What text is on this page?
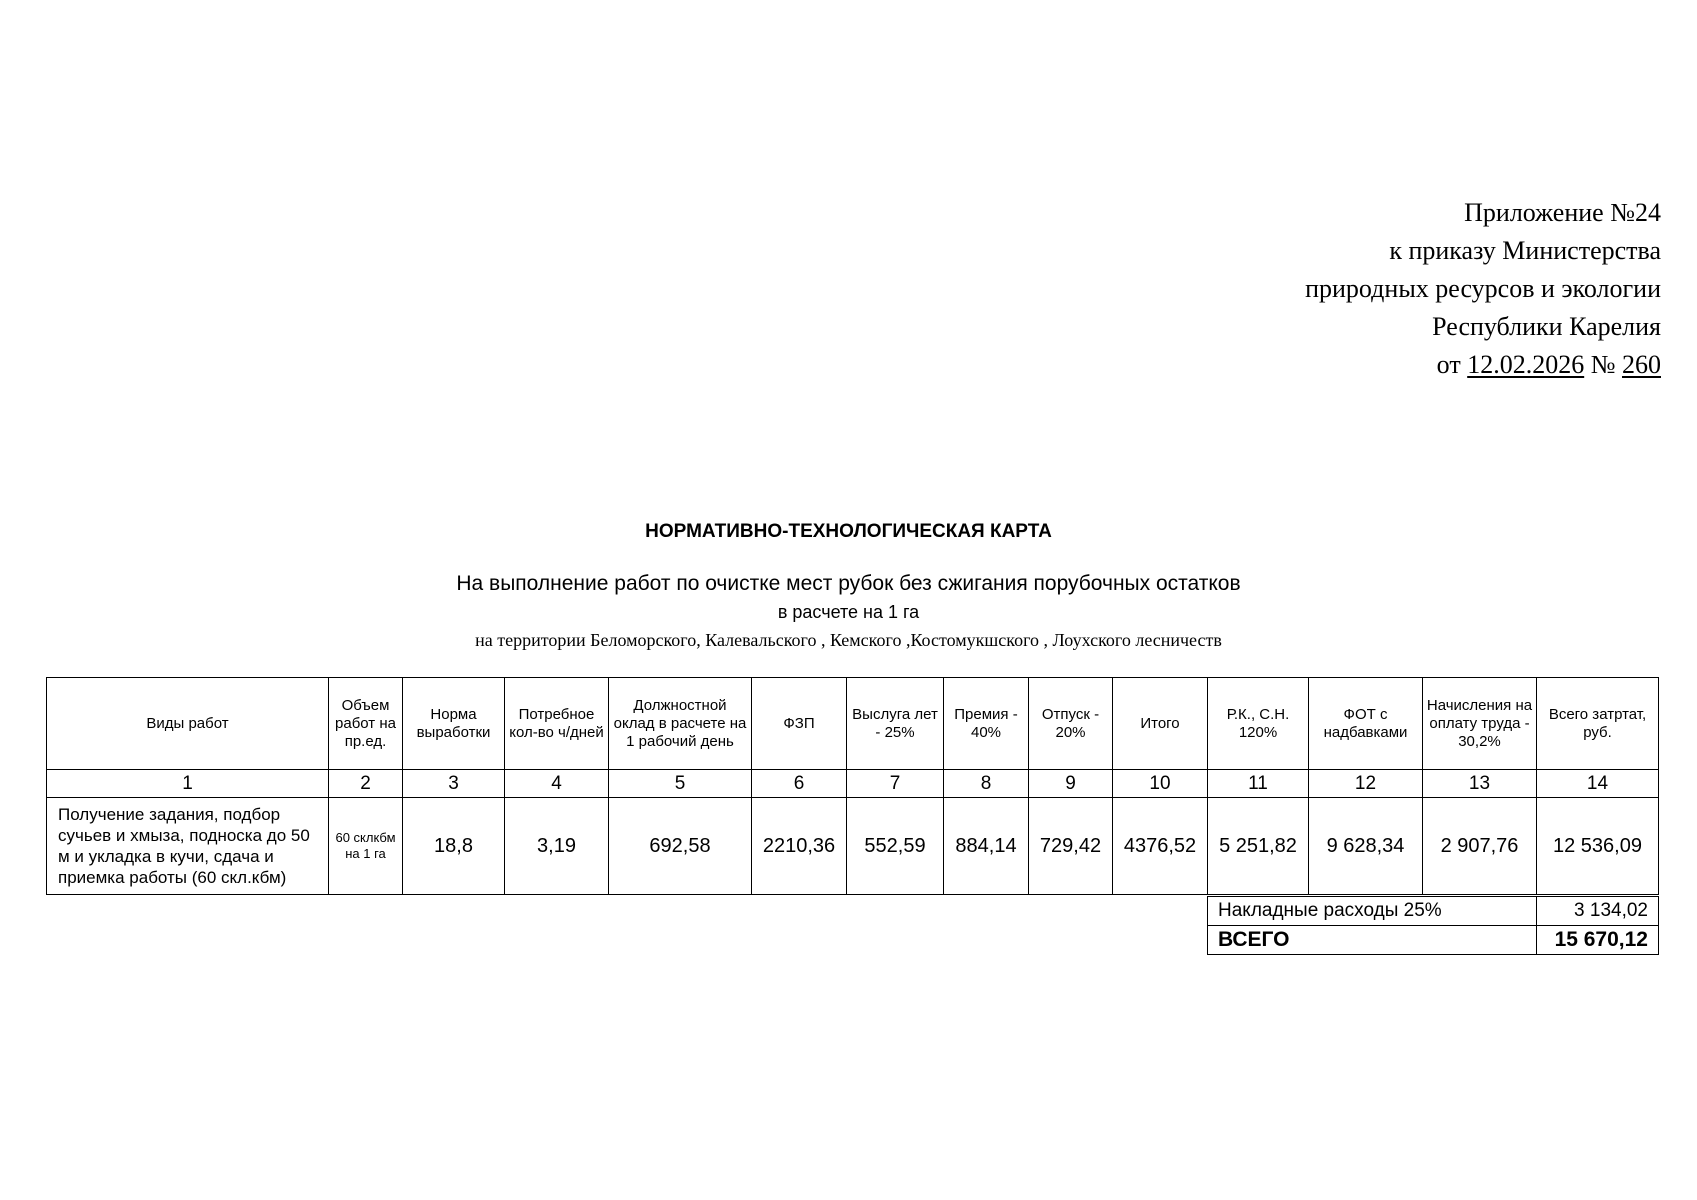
Приложение №24
к приказу Министерства
природных ресурсов и экологии
Республики Карелия
от 12.02.2026 № 260
НОРМАТИВНО-ТЕХНОЛОГИЧЕСКАЯ КАРТА
На выполнение работ по очистке мест рубок без сжигания порубочных остатков
в расчете на 1 га
на территории Беломорского, Калевальского , Кемского ,Костомукшского , Лоухского лесничеств
Виды работ	Объем работ на пр.ед.	Норма выработки	Потребное кол-во ч/дней	Должностной оклад в расчете на 1 рабочий день	ФЗП	Выслуга лет - 25%	Премия - 40%	Отпуск - 20%	Итого	Р.К., С.Н. 120%	ФОТ с надбавками	Начисления на оплату труда - 30,2%	Всего затртат, руб.
1	2	3	4	5	6	7	8	9	10	11	12	13	14
Получение задания, подбор сучьев и хмыза, подноска до 50 м и укладка в кучи, сдача и приемка работы (60 скл.кбм)	60 склкбм на 1 га	18,8	3,19	692,58	2210,36	552,59	884,14	729,42	4376,52	5 251,82	9 628,34	2 907,76	12 536,09
Накладные расходы 25%	3 134,02
ВСЕГО	15 670,12
